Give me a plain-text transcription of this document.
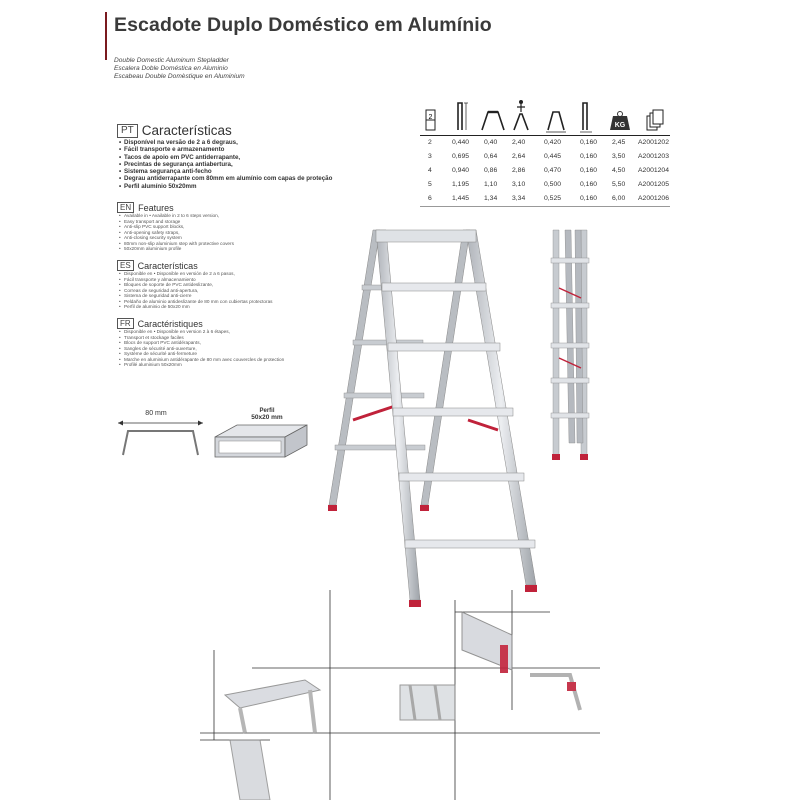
Escadote Duplo Doméstico em Alumínio
Double Domestic Aluminum Stepladder
Escalera Doble Doméstica en Aluminio
Escabeau Double Domèstique en Aluminium
PT Características
• Disponível na versão de 2 a 6 degraus,
• Fácil transporte e armazenamento
• Tacos de apoio em PVC antiderrapante,
• Precintas de segurança antiabertura,
• Sistema segurança anti-fecho
• Degrau antiderrapante com 80mm em alumínio com capas de proteção
• Perfil alumínio 50x20mm
EN Features
• Available in • Available in 2 to 6 steps version,
• Easy transport and storage
• Anti-slip PVC support blocks,
• Anti-opening safety straps,
• Anti-closing security system
• 80mm non-slip aluminium step with protective covers
• 50x20mm aluminium profile
ES Características
• Disponible en • Disponible en versión de 2 a 6 pasos,
• Fácil transporte y almacenamiento
• Bloques de soporte de PVC antideslizante,
• Correas de seguridad anti-apertura,
• Sistema de seguridad anti-cierre
• Peldaño de aluminio antideslizante de 80 mm con cubiertas protectoras
• Perfil de aluminio de 50x20 mm
FR Caractéristiques
• Disponible en • Disponible en version 2 à 6 étapes,
• Transport et stockage faciles
• Blocs de support PVC antidérapants,
• Sangles de sécurité anti-ouverture,
• Système de sécurité anti-fermeture
• Marche en aluminium antidérapante de 80 mm avec couvercles de protection
• Profilé aluminium 50x20mm
2
KG
2	0,440 0,40 2,40	0,420	0,160 2,45 A2001202
3	0,695 0,64 2,64	0,445	0,160 3,50 A2001203
4	0,940 0,86 2,86	0,470	0,160 4,50 A2001204
5	1,195 1,10 3,10	0,500	0,160 5,50 A2001205
6	1,445 1,34 3,34	0,525	0,160 6,00 A2001206
80 mm	Perfil
50x20 mm
